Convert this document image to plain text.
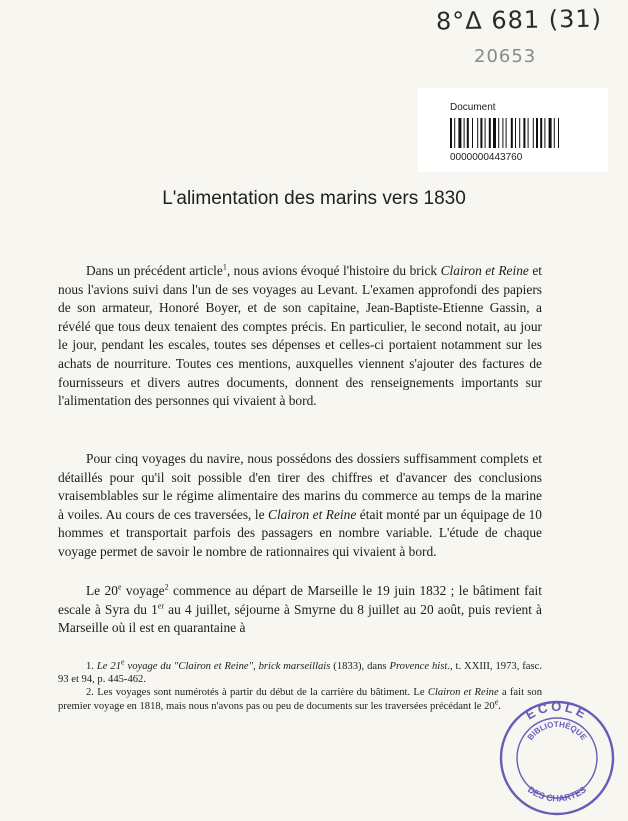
8°Δ 681 (31)
20653
Document
0000000443760
L'alimentation des marins vers 1830

Dans un précédent article$^1$, nous avions évoqué l'histoire du brick Clairon et Reine et nous l'avions suivi dans l'un de ses voyages au Levant. L'examen approfondi des papiers de son armateur, Honoré Boyer, et de son capitaine, Jean-Baptiste-Etienne Gassin, a révélé que tous deux tenaient des comptes précis. En particulier, le second notait, au jour le jour, pendant les escales, toutes ses dépenses et celles-ci portaient notamment sur les achats de nourriture. Toutes ces mentions, auxquelles viennent s'ajouter des factures de fournisseurs et divers autres documents, donnent des renseignements importants sur l'alimentation des personnes qui vivaient à bord.

Pour cinq voyages du navire, nous possédons des dossiers suffisamment complets et détaillés pour qu'il soit possible d'en tirer des chiffres et d'avancer des conclusions vraisemblables sur le régime alimentaire des marins du commerce au temps de la marine à voiles. Au cours de ces traversées, le Clairon et Reine était monté par un équipage de 10 hommes et transportait parfois des passagers en nombre variable. L'étude de chaque voyage permet de savoir le nombre de rationnaires qui vivaient à bord.

Le 20e voyage$^2$ commence au départ de Marseille le 19 juin 1832 ; le bâtiment fait escale à Syra du 1er au 4 juillet, séjourne à Smyrne du 8 juillet au 20 août, puis revient à Marseille où il est en quarantaine à

1. Le 21e voyage du "Clairon et Reine", brick marseillais (1833), dans Provence hist., t. XXIII, 1973, fasc. 93 et 94, p. 445-462.

2. Les voyages sont numérotés à partir du début de la carrière du bâtiment. Le Clairon et Reine a fait son premier voyage en 1818, mais nous n'avons pas ou peu de documents sur les traversées précédant le 20e.	ECOLE
BIBLIOTHÈQUE
DES CHARTES
